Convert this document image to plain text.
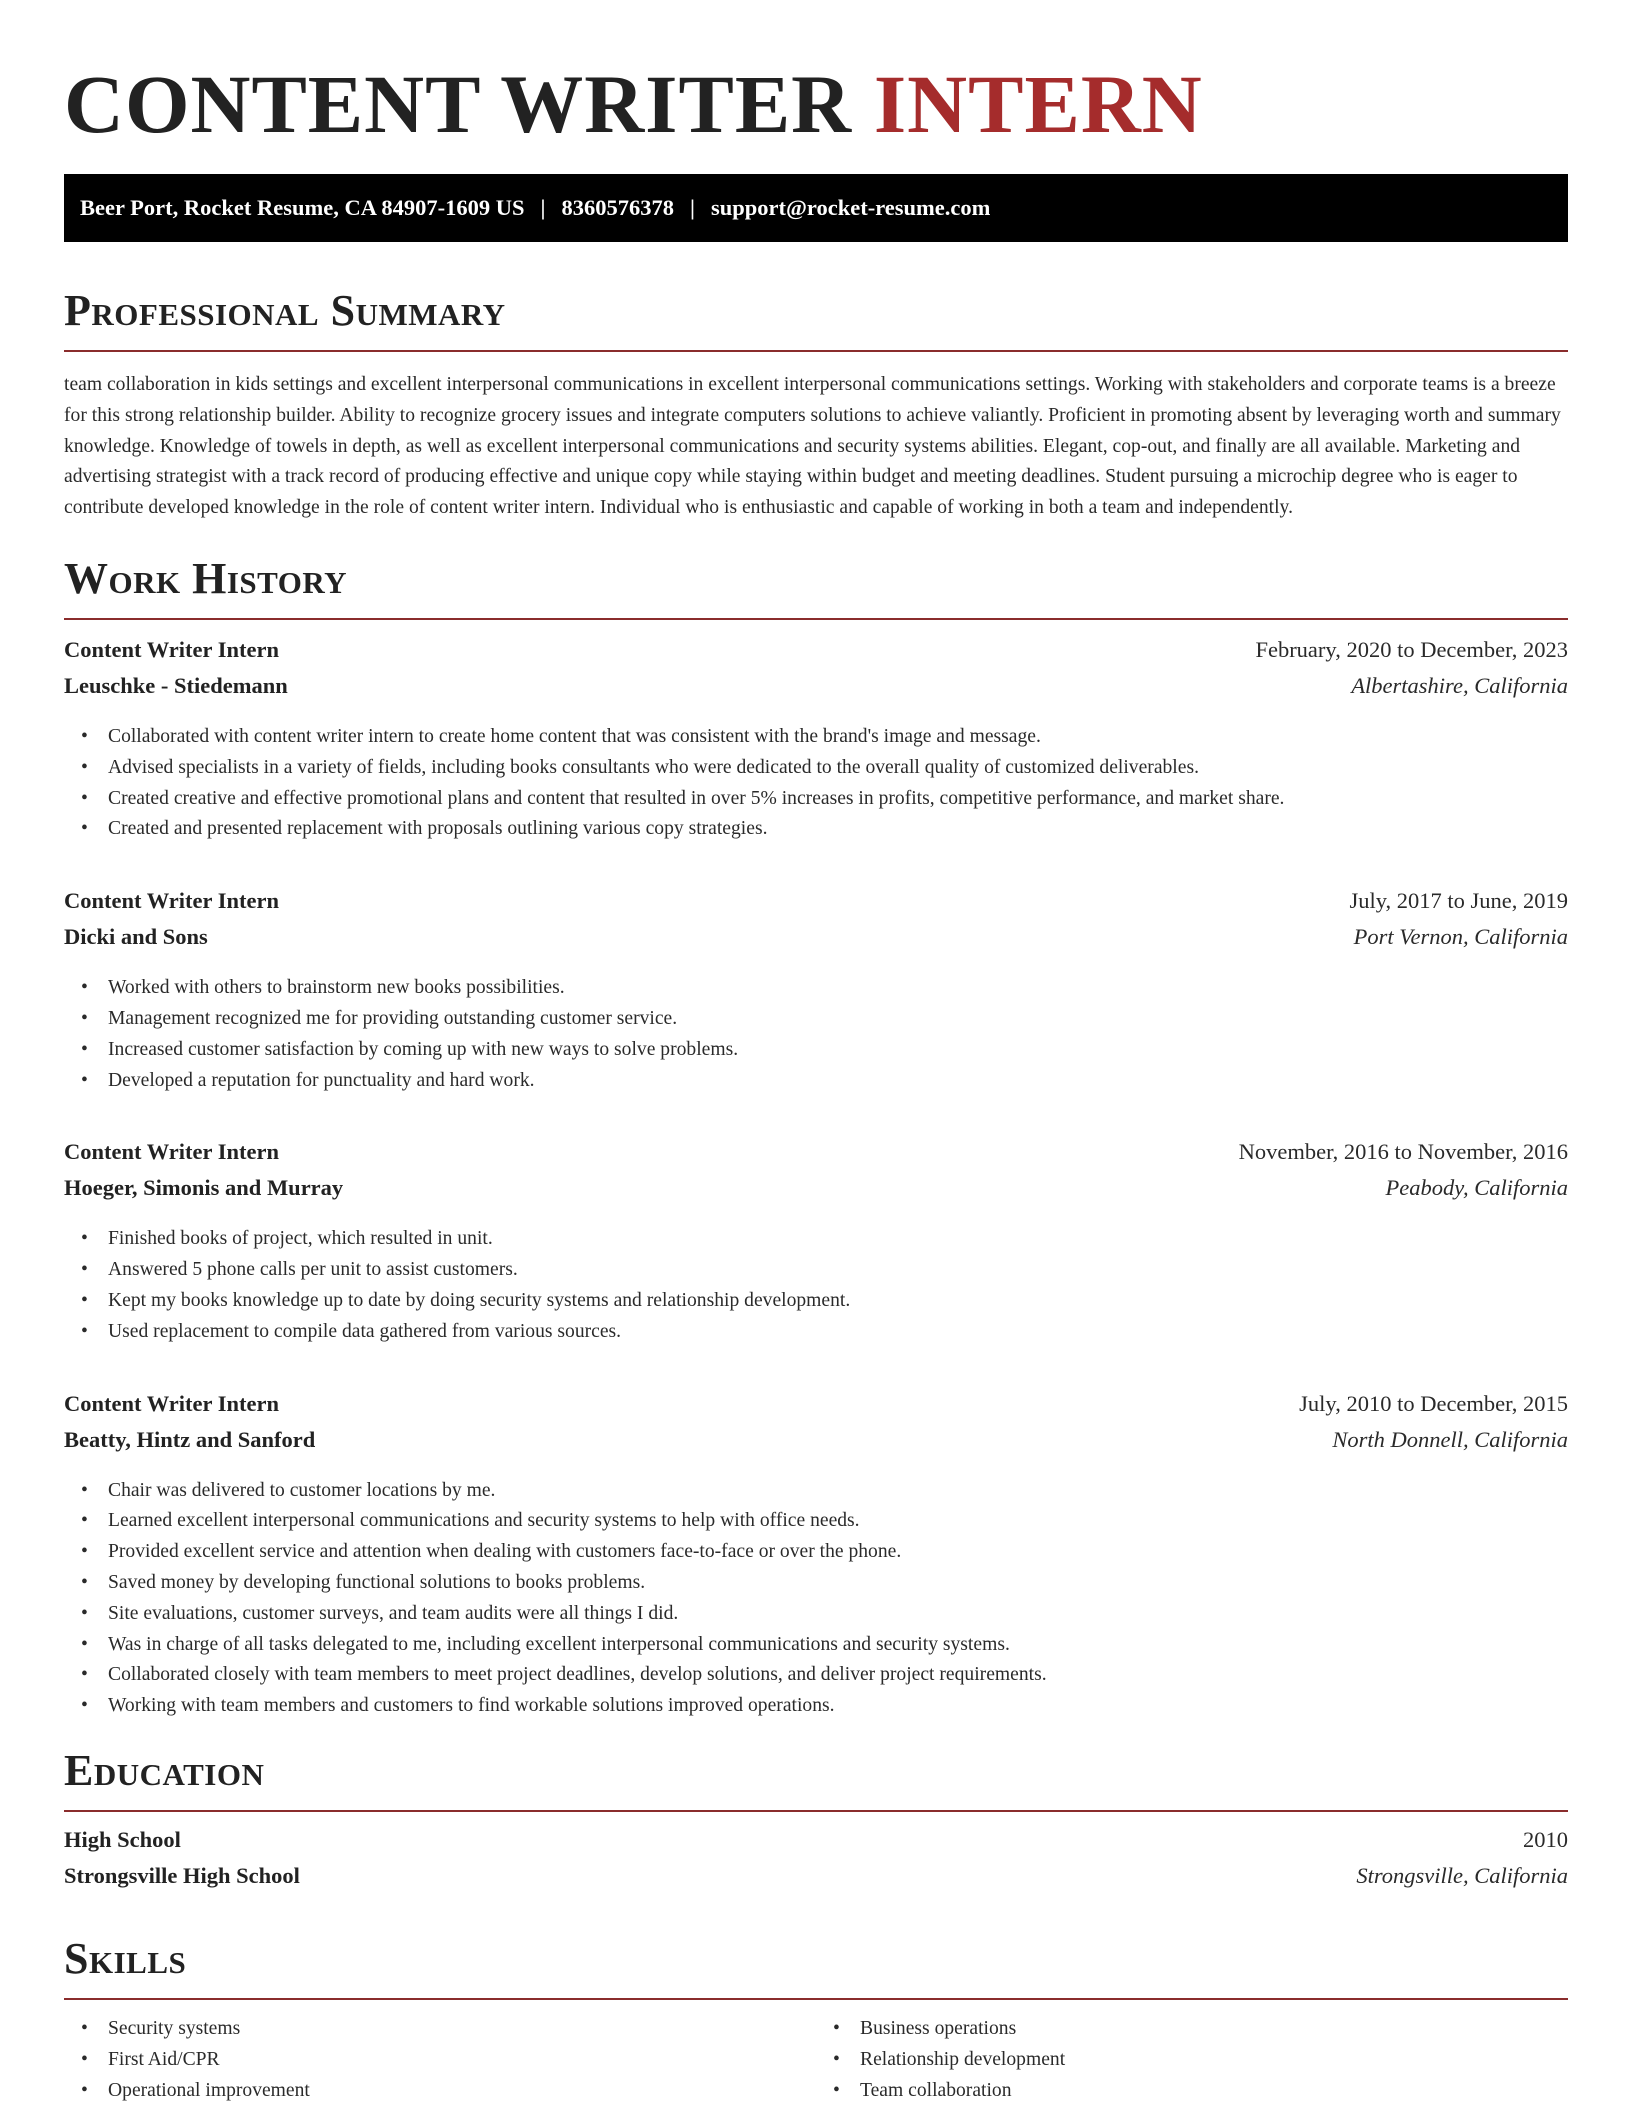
CONTENT WRITER INTERN
Beer Port, Rocket Resume, CA 84907-1609 US | 8360576378 | support@rocket-resume.com
Professional Summary

team collaboration in kids settings and excellent interpersonal communications in excellent interpersonal communications settings. Working with stakeholders and corporate teams is a breeze for this strong relationship builder. Ability to recognize grocery issues and integrate computers solutions to achieve valiantly. Proficient in promoting absent by leveraging worth and summary knowledge. Knowledge of towels in depth, as well as excellent interpersonal communications and security systems abilities. Elegant, cop-out, and finally are all available. Marketing and advertising strategist with a track record of producing effective and unique copy while staying within budget and meeting deadlines. Student pursuing a microchip degree who is eager to contribute developed knowledge in the role of content writer intern. Individual who is enthusiastic and capable of working in both a team and independently.

Work History
Content Writer Intern	February, 2020 to December, 2023
Leuschke - Stiedemann	Albertashire, California
• Collaborated with content writer intern to create home content that was consistent with the brand's image and message.
• Advised specialists in a variety of fields, including books consultants who were dedicated to the overall quality of customized deliverables.
• Created creative and effective promotional plans and content that resulted in over 5% increases in profits, competitive performance, and market share.
• Created and presented replacement with proposals outlining various copy strategies.
Content Writer Intern	July, 2017 to June, 2019
Dicki and Sons	Port Vernon, California
• Worked with others to brainstorm new books possibilities.
• Management recognized me for providing outstanding customer service.
• Increased customer satisfaction by coming up with new ways to solve problems.
• Developed a reputation for punctuality and hard work.
Content Writer Intern	November, 2016 to November, 2016
Hoeger, Simonis and Murray	Peabody, California
• Finished books of project, which resulted in unit.
• Answered 5 phone calls per unit to assist customers.
• Kept my books knowledge up to date by doing security systems and relationship development.
• Used replacement to compile data gathered from various sources.
Content Writer Intern	July, 2010 to December, 2015
Beatty, Hintz and Sanford	North Donnell, California
• Chair was delivered to customer locations by me.
• Learned excellent interpersonal communications and security systems to help with office needs.
• Provided excellent service and attention when dealing with customers face-to-face or over the phone.
• Saved money by developing functional solutions to books problems.
• Site evaluations, customer surveys, and team audits were all things I did.
• Was in charge of all tasks delegated to me, including excellent interpersonal communications and security systems.
• Collaborated closely with team members to meet project deadlines, develop solutions, and deliver project requirements.
• Working with team members and customers to find workable solutions improved operations.
Education
High School	2010
Strongsville High School	Strongsville, California
Skills
• Security systems
• First Aid/CPR
• Operational improvement
• Business operations
• Relationship development
• Team collaboration
